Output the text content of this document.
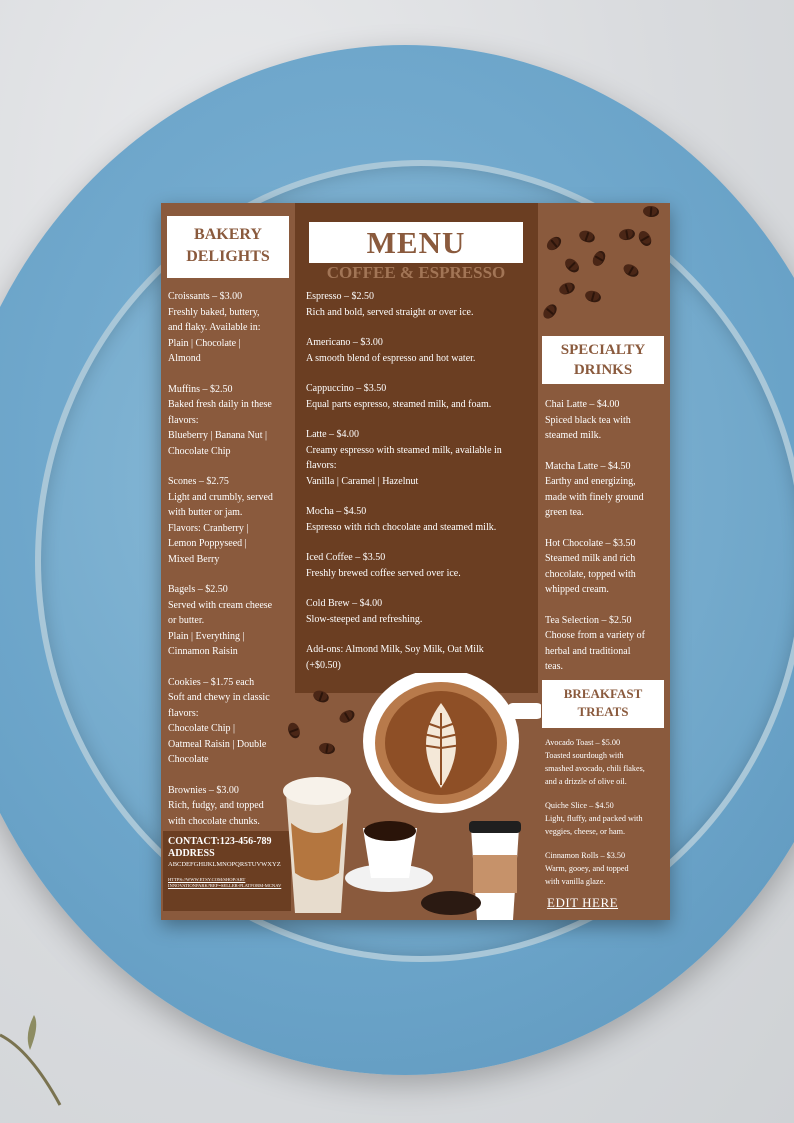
BAKERY
DELIGHTS

Croissants – $3.00

Freshly baked, buttery,

and flaky. Available in:

Plain | Chocolate |

Almond

Muffins – $2.50

Baked fresh daily in these

flavors:

Blueberry | Banana Nut |

Chocolate Chip

Scones – $2.75

Light and crumbly, served

with butter or jam.

Flavors: Cranberry |

Lemon Poppyseed |

Mixed Berry

Bagels – $2.50

Served with cream cheese

or butter.

Plain | Everything |

Cinnamon Raisin

Cookies – $1.75 each

Soft and chewy in classic

flavors:

Chocolate Chip |

Oatmeal Raisin | Double

Chocolate

Brownies – $3.00

Rich, fudgy, and topped

with chocolate chunks.

CONTACT:123-456-789
ADDRESS
ABCDEFGHIJKLMNOPQRSTUVWXYZ
HTTPS://WWW.ETSY.COM/SHOP/ART INNOVATIONPARK?REF=SELLER-PLATFORM-MCNAV
MENU
COFFEE & ESPRESSO

Espresso – $2.50

Rich and bold, served straight or over ice.

Americano – $3.00

A smooth blend of espresso and hot water.

Cappuccino – $3.50

Equal parts espresso, steamed milk, and foam.

Latte – $4.00

Creamy espresso with steamed milk, available in

flavors:

Vanilla | Caramel | Hazelnut

Mocha – $4.50

Espresso with rich chocolate and steamed milk.

Iced Coffee – $3.50

Freshly brewed coffee served over ice.

Cold Brew – $4.00

Slow-steeped and refreshing.

Add-ons: Almond Milk, Soy Milk, Oat Milk

(+$0.50)

SPECIALTY
DRINKS

Chai Latte – $4.00

Spiced black tea with

steamed milk.

Matcha Latte – $4.50

Earthy and energizing,

made with finely ground

green tea.

Hot Chocolate – $3.50

Steamed milk and rich

chocolate, topped with

whipped cream.

Tea Selection – $2.50

Choose from a variety of

herbal and traditional

teas.

BREAKFAST
TREATS

Avocado Toast – $5.00

Toasted sourdough with

smashed avocado, chili flakes,

and a drizzle of olive oil.

Quiche Slice – $4.50

Light, fluffy, and packed with

veggies, cheese, or ham.

Cinnamon Rolls – $3.50

Warm, gooey, and topped

with vanilla glaze.

EDIT HERE
